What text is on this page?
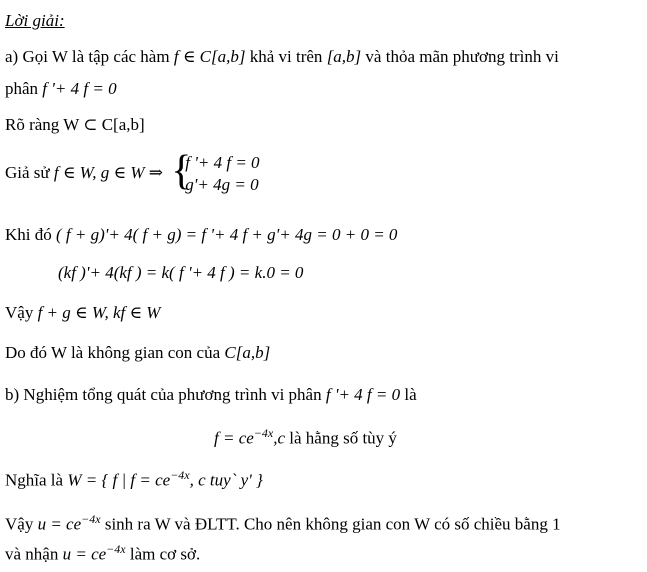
Lời giải:
a) Gọi W là tập các hàm f ∈ C[a,b] khả vi trên [a,b] và thỏa mãn phương trình vi
phân f '+ 4 f = 0
Rõ ràng W ⊂ C[a,b]
Giả sử f ∈ W, g ∈ W ⇒ {
f '+ 4 f = 0
g'+ 4g = 0
Khi đó ( f + g)'+ 4( f + g) = f '+ 4 f + g'+ 4g = 0 + 0 = 0
(kf )'+ 4(kf ) = k( f '+ 4 f ) = k.0 = 0
Vậy f + g ∈ W, kf ∈ W
Do đó W là không gian con của C[a,b]
b) Nghiệm tổng quát của phương trình vi phân f '+ 4 f = 0 là
$f = ce^{-4x},c$ là hằng số tùy ý
Nghĩa là W = { f | $f = ce^{-4x}$, c tuy` y' }
Vậy $u = ce^{-4x}$ sinh ra W và ĐLTT. Cho nên không gian con W có số chiều bằng 1
và nhận $u = ce^{-4x}$ làm cơ sở.
